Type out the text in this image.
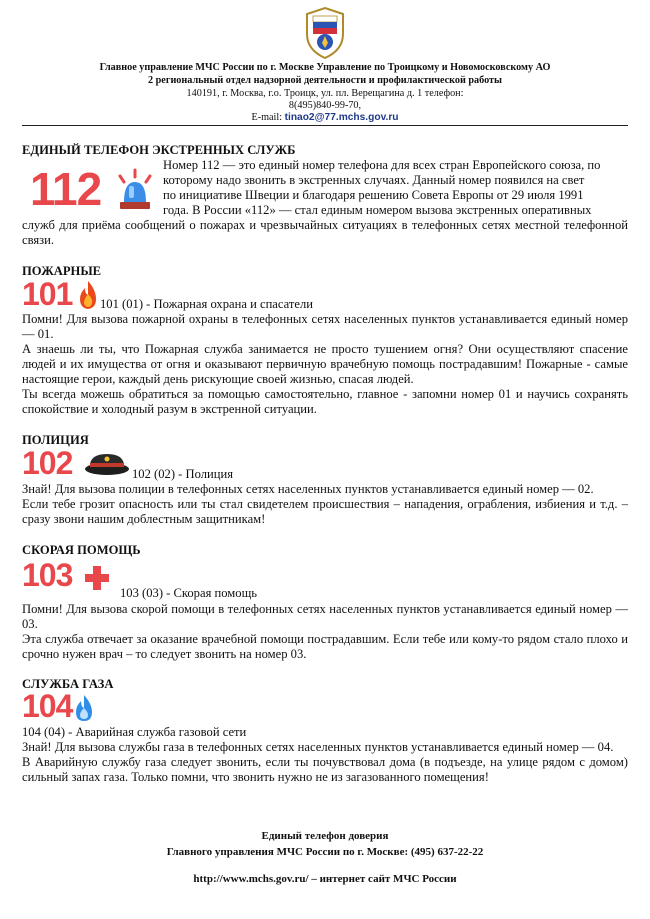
Главное управление МЧС России по г. Москве Управление по Троицкому и Новомосковскому АО
2 региональный отдел надзорной деятельности и профилактической работы
140191, г. Москва, г.о. Троицк, ул. пл. Верещагина д. 1 телефон:
8(495)840-99-70,
E-mail: tinao2@77.mchs.gov.ru
ЕДИНЫЙ ТЕЛЕФОН ЭКСТРЕННЫХ СЛУЖБ
112	Номер 112 — это единый номер телефона для всех стран Европейского союза, по
которому надо звонить в экстренных случаях. Данный номер появился на свет
по инициативе Швеции и благодаря решению Совета Европы от 29 июля 1991
года. В России «112» — стал единым номером вызова экстренных оперативных
служб для приёма сообщений о пожарах и чрезвычайных ситуациях в телефонных сетях местной телефонной связи.
ПОЖАРНЫЕ
101 101 (01) - Пожарная охрана и спасатели
Помни! Для вызова пожарной охраны в телефонных сетях населенных пунктов устанавливается единый номер — 01.
А знаешь ли ты, что Пожарная служба занимается не просто тушением огня? Они осуществляют спасение людей и их имущества от огня и оказывают первичную врачебную помощь пострадавшим! Пожарные - самые настоящие герои, каждый день рискующие своей жизнью, спасая людей.
Ты всегда можешь обратиться за помощью самостоятельно, главное - запомни номер 01 и научись сохранять спокойствие и холодный разум в экстренной ситуации.
ПОЛИЦИЯ
102	102 (02) - Полиция
Знай! Для вызова полиции в телефонных сетях населенных пунктов устанавливается единый номер — 02.
Если тебе грозит опасность или ты стал свидетелем происшествия – нападения, ограбления, избиения и т.д. – сразу звони нашим доблестным защитникам!
СКОРАЯ ПОМОЩЬ
103	103 (03) - Скорая помощь
Помни! Для вызова скорой помощи в телефонных сетях населенных пунктов устанавливается единый номер — 03.
Эта служба отвечает за оказание врачебной помощи пострадавшим. Если тебе или кому-то рядом стало плохо и срочно нужен врач – то следует звонить на номер 03.
СЛУЖБА ГАЗА
104
104 (04) - Аварийная служба газовой сети
Знай! Для вызова службы газа в телефонных сетях населенных пунктов устанавливается единый номер — 04.
В Аварийную службу газа следует звонить, если ты почувствовал дома (в подъезде, на улице рядом с домом) сильный запах газа. Только помни, что звонить нужно не из загазованного помещения!
Единый телефон доверия
Главного управления МЧС России по г. Москве: (495) 637-22-22
http://www.mchs.gov.ru/ – интернет сайт МЧС России
